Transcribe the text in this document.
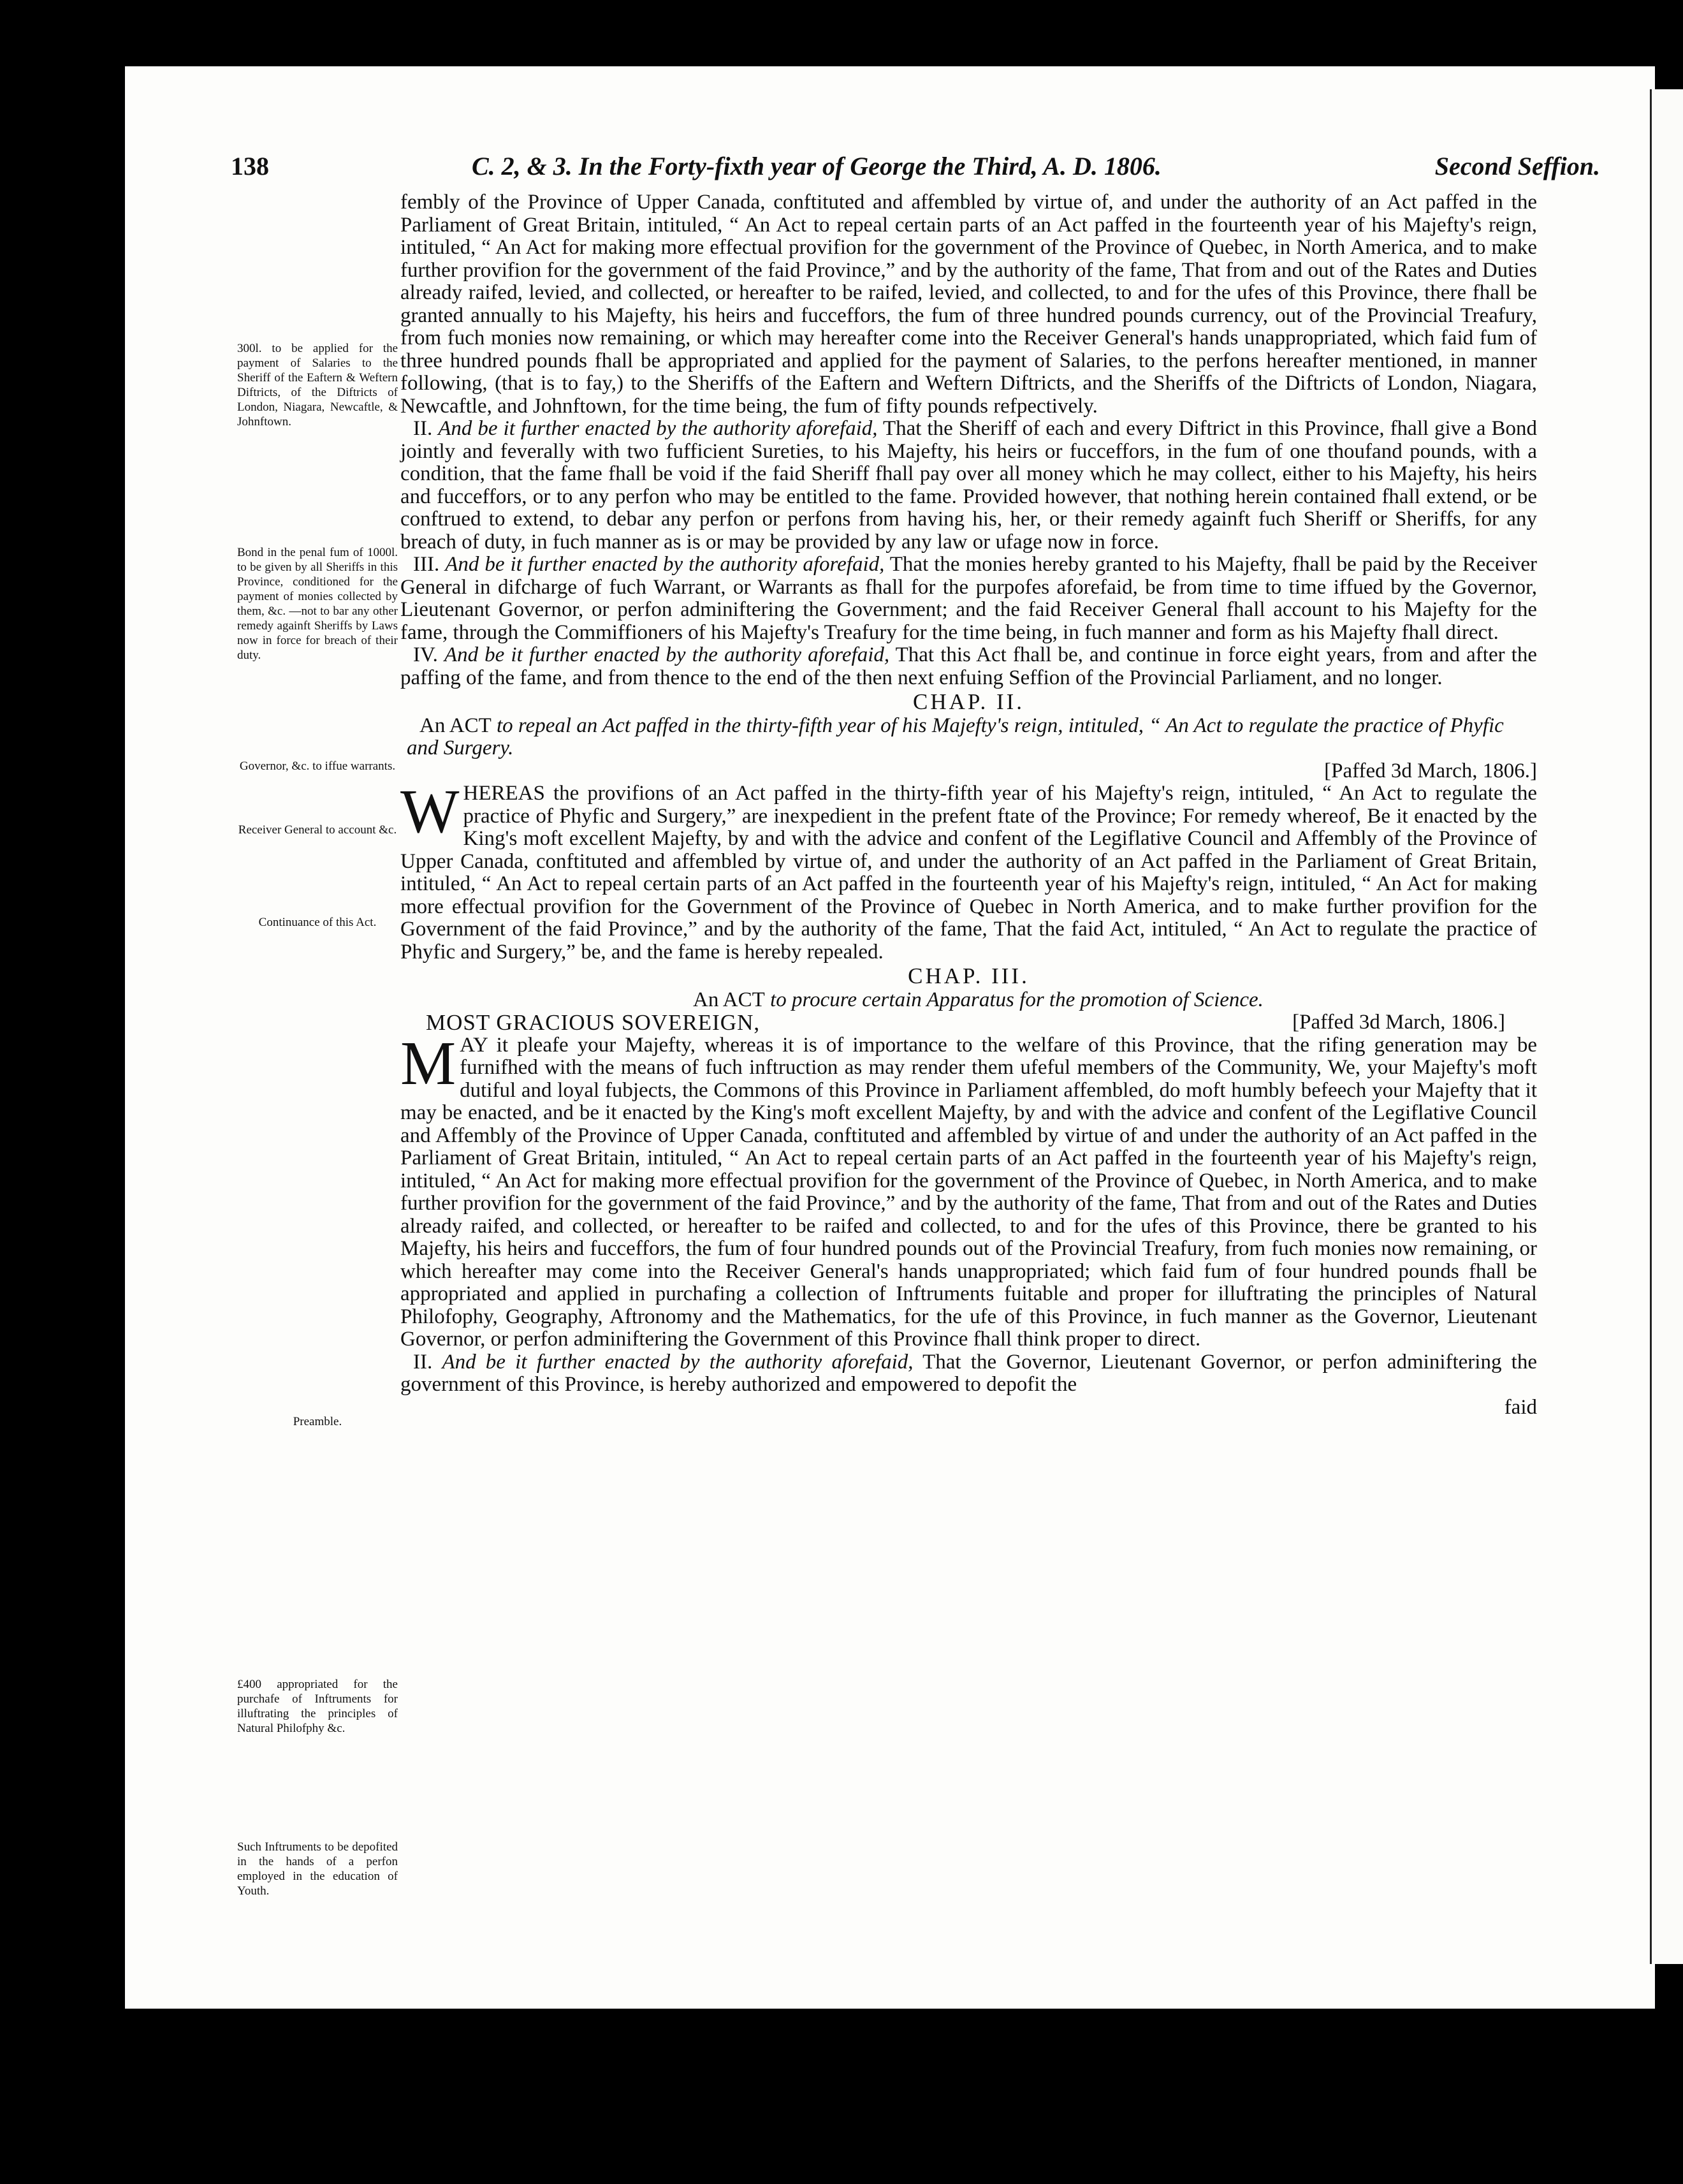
138	C. 2, & 3. In the Forty-fixth year of George the Third, A. D. 1806.	Second Seffion.
300l. to be applied for the payment of Salaries to the Sheriff of the Eaftern & Weftern Diftricts, of the Diftricts of London, Niagara, Newcaftle, & Johnftown.
Bond in the penal fum of 1000l. to be given by all Sheriffs in this Province, conditioned for the payment of monies collected by them, &c. —not to bar any other remedy againft Sheriffs by Laws now in force for breach of their duty.
Governor, &c. to iffue warrants.
Receiver General to account &c.
Continuance of this Act.
Preamble.
£400 appropriated for the purchafe of Inftruments for illuftrating the principles of Natural Philofphy &c.
Such Inftruments to be depofited in the hands of a perfon employed in the education of Youth.

fembly of the Province of Upper Canada, conftituted and affembled by virtue of, and under the authority of an Act paffed in the Parliament of Great Britain, intituled, “ An Act to repeal certain parts of an Act paffed in the fourteenth year of his Majefty's reign, intituled, “ An Act for making more effectual provifion for the government of the Province of Quebec, in North America, and to make further provifion for the government of the faid Province,” and by the authority of the fame, That from and out of the Rates and Duties already raifed, levied, and collected, or hereafter to be raifed, levied, and collected, to and for the ufes of this Province, there fhall be granted annually to his Majefty, his heirs and fucceffors, the fum of three hundred pounds currency, out of the Provincial Treafury, from fuch monies now remaining, or which may hereafter come into the Receiver General's hands unappropriated, which faid fum of three hundred pounds fhall be appropriated and applied for the payment of Salaries, to the perfons hereafter mentioned, in manner following, (that is to fay,) to the Sheriffs of the Eaftern and Weftern Diftricts, and the Sheriffs of the Diftricts of London, Niagara, Newcaftle, and Johnftown, for the time being, the fum of fifty pounds refpectively.

II. And be it further enacted by the authority aforefaid, That the Sheriff of each and every Diftrict in this Province, fhall give a Bond jointly and feverally with two fufficient Sureties, to his Majefty, his heirs or fucceffors, in the fum of one thoufand pounds, with a condition, that the fame fhall be void if the faid Sheriff fhall pay over all money which he may collect, either to his Majefty, his heirs and fucceffors, or to any perfon who may be entitled to the fame. Provided however, that nothing herein contained fhall extend, or be conftrued to extend, to debar any perfon or perfons from having his, her, or their remedy againft fuch Sheriff or Sheriffs, for any breach of duty, in fuch manner as is or may be provided by any law or ufage now in force.

III. And be it further enacted by the authority aforefaid, That the monies hereby granted to his Majefty, fhall be paid by the Receiver General in difcharge of fuch Warrant, or Warrants as fhall for the purpofes aforefaid, be from time to time iffued by the Governor, Lieutenant Governor, or perfon adminiftering the Government; and the faid Receiver General fhall account to his Majefty for the fame, through the Commiffioners of his Majefty's Treafury for the time being, in fuch manner and form as his Majefty fhall direct.

IV. And be it further enacted by the authority aforefaid, That this Act fhall be, and continue in force eight years, from and after the paffing of the fame, and from thence to the end of the then next enfuing Seffion of the Provincial Parliament, and no longer.

CHAP. II.

An ACT to repeal an Act paffed in the thirty-fifth year of his Majefty's reign, intituled, “ An Act to regulate the practice of Phyfic and Surgery.

[Paffed 3d March, 1806.]

WHEREAS the provifions of an Act paffed in the thirty-fifth year of his Majefty's reign, intituled, “ An Act to regulate the practice of Phyfic and Surgery,” are inexpedient in the prefent ftate of the Province; For remedy whereof, Be it enacted by the King's moft excellent Majefty, by and with the advice and confent of the Legiflative Council and Affembly of the Province of Upper Canada, conftituted and affembled by virtue of, and under the authority of an Act paffed in the Parliament of Great Britain, intituled, “ An Act to repeal certain parts of an Act paffed in the fourteenth year of his Majefty's reign, intituled, “ An Act for making more effectual provifion for the Government of the Province of Quebec in North America, and to make further provifion for the Government of the faid Province,” and by the authority of the fame, That the faid Act, intituled, “ An Act to regulate the practice of Phyfic and Surgery,” be, and the fame is hereby repealed.

CHAP. III.

An ACT to procure certain Apparatus for the promotion of Science.

MOST GRACIOUS SOVEREIGN,	[Paffed 3d March, 1806.]

MAY it pleafe your Majefty, whereas it is of importance to the welfare of this Province, that the rifing generation may be furnifhed with the means of fuch inftruction as may render them ufeful members of the Community, We, your Majefty's moft dutiful and loyal fubjects, the Commons of this Province in Parliament affembled, do moft humbly befeech your Majefty that it may be enacted, and be it enacted by the King's moft excellent Majefty, by and with the advice and confent of the Legiflative Council and Affembly of the Province of Upper Canada, conftituted and affembled by virtue of and under the authority of an Act paffed in the Parliament of Great Britain, intituled, “ An Act to repeal certain parts of an Act paffed in the fourteenth year of his Majefty's reign, intituled, “ An Act for making more effectual provifion for the government of the Province of Quebec, in North America, and to make further provifion for the government of the faid Province,” and by the authority of the fame, That from and out of the Rates and Duties already raifed, and collected, or hereafter to be raifed and collected, to and for the ufes of this Province, there be granted to his Majefty, his heirs and fucceffors, the fum of four hundred pounds out of the Provincial Treafury, from fuch monies now remaining, or which hereafter may come into the Receiver General's hands unappropriated; which faid fum of four hundred pounds fhall be appropriated and applied in purchafing a collection of Inftruments fuitable and proper for illuftrating the principles of Natural Philofophy, Geography, Aftronomy and the Mathematics, for the ufe of this Province, in fuch manner as the Governor, Lieutenant Governor, or perfon adminiftering the Government of this Province fhall think proper to direct.

II. And be it further enacted by the authority aforefaid, That the Governor, Lieutenant Governor, or perfon adminiftering the government of this Province, is hereby authorized and empowered to depofit the

faid
